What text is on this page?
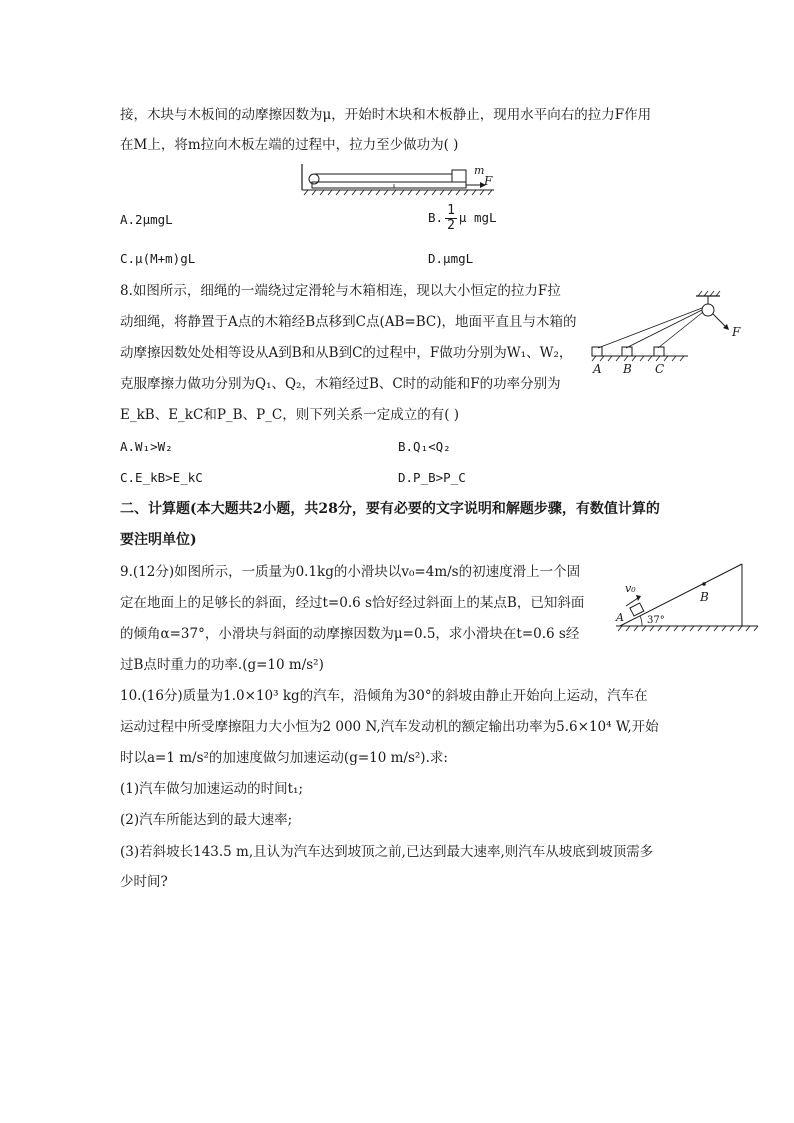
接，木块与木板间的动摩擦因数为μ，开始时木块和木板静止，现用水平向右的拉力F作用
在M上，将m拉向木板左端的过程中，拉力至少做功为( )
m
F
A.2μmgL	B. $\frac{1}{2}$ μ mgL
C.μ(M+m)gL	D.μmgL
8.如图所示，细绳的一端绕过定滑轮与木箱相连，现以大小恒定的拉力F拉
动细绳，将静置于A点的木箱经B点移到C点(AB=BC)，地面平直且与木箱的
动摩擦因数处处相等设从A到B和从B到C的过程中，F做功分别为W₁、W₂，
克服摩擦力做功分别为Q₁、Q₂，木箱经过B、C时的动能和F的功率分别为
E_kB、E_kC和P_B、P_C，则下列关系一定成立的有( )
A B C
F
A.W₁>W₂	B.Q₁<Q₂
C.E_kB>E_kC	D.P_B>P_C
二、计算题(本大题共2小题，共28分，要有必要的文字说明和解题步骤，有数值计算的
要注明单位)
9.(12分)如图所示，一质量为0.1kg的小滑块以v₀=4m/s的初速度滑上一个固
定在地面上的足够长的斜面，经过t=0.6 s恰好经过斜面上的某点B，已知斜面
的倾角α=37°，小滑块与斜面的动摩擦因数为μ=0.5，求小滑块在t=0.6 s经
过B点时重力的功率.(g=10 m/s²)
v₀
A
B
37°
10.(16分)质量为1.0×10³ kg的汽车，沿倾角为30°的斜坡由静止开始向上运动，汽车在
运动过程中所受摩擦阻力大小恒为2 000 N,汽车发动机的额定输出功率为5.6×10⁴ W,开始
时以a=1 m/s²的加速度做匀加速运动(g=10 m/s²).求:
(1)汽车做匀加速运动的时间t₁;
(2)汽车所能达到的最大速率;
(3)若斜坡长143.5 m,且认为汽车达到坡顶之前,已达到最大速率,则汽车从坡底到坡顶需多
少时间?
